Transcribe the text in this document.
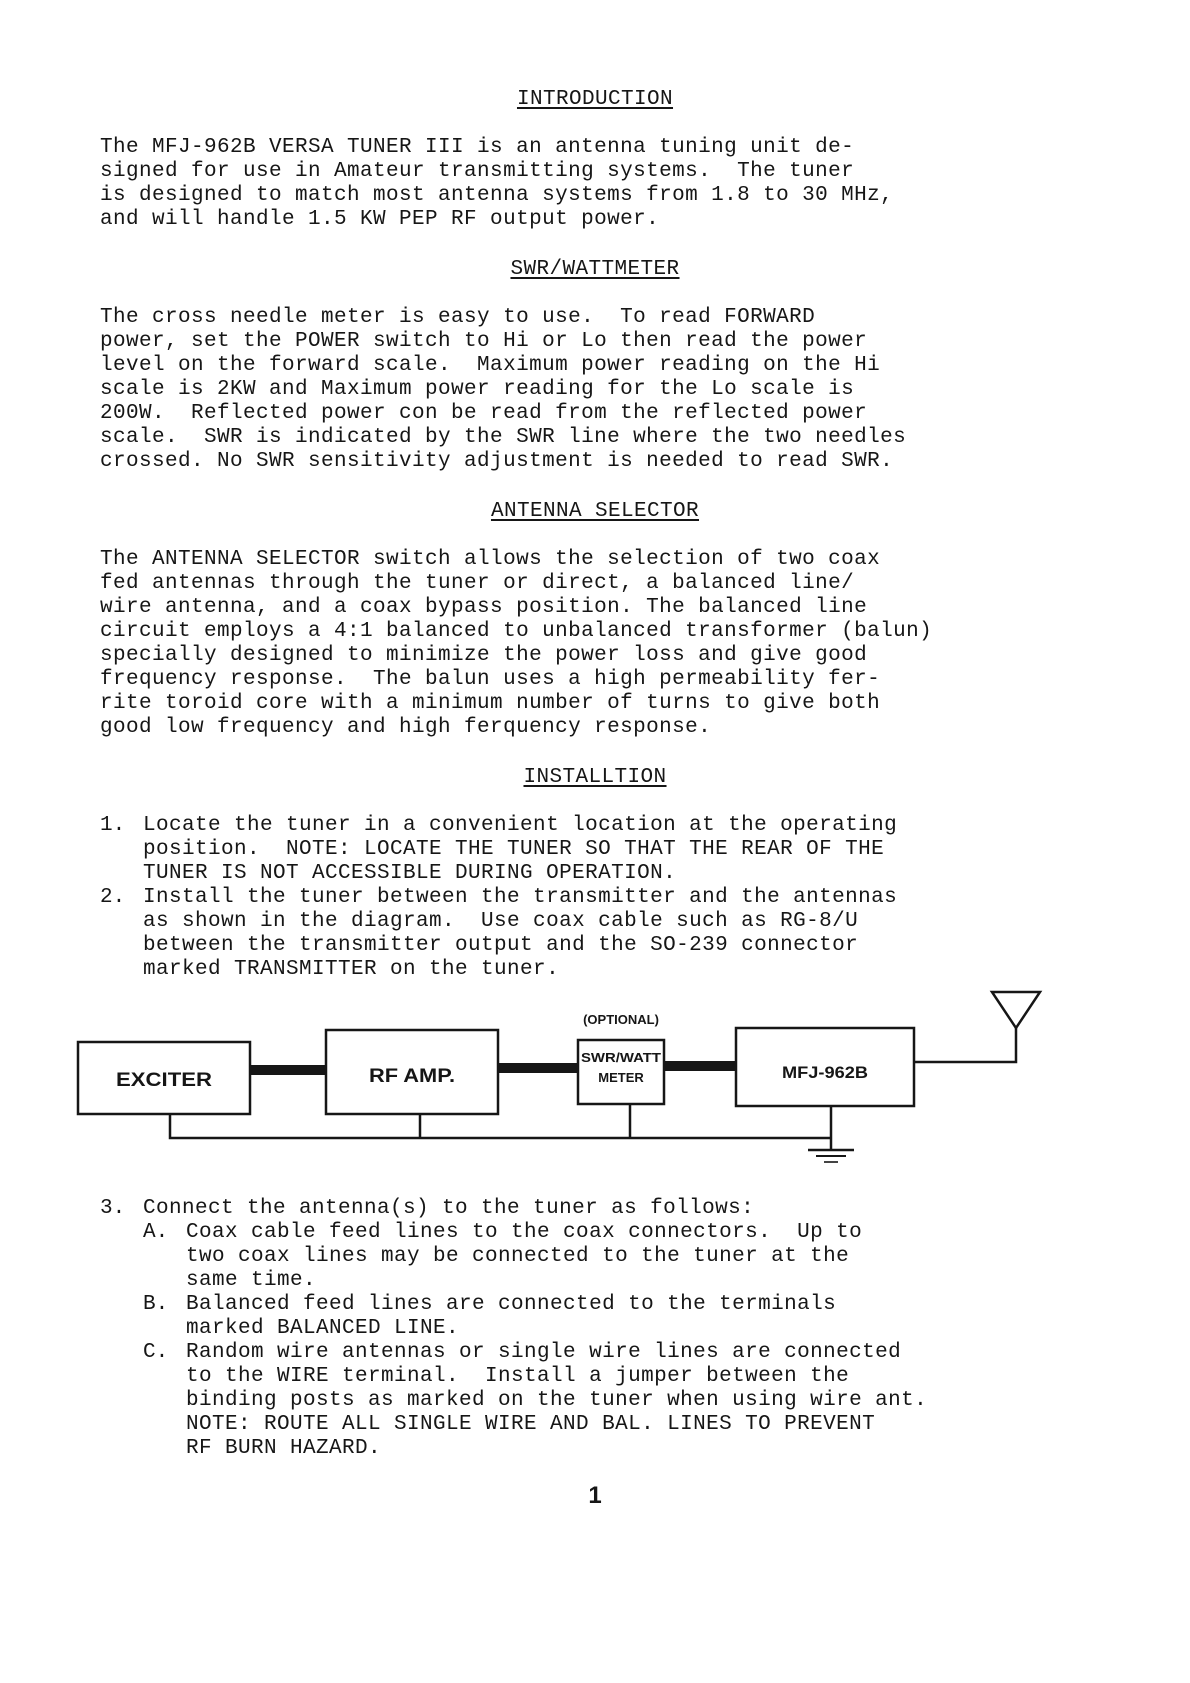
INTRODUCTION

The MFJ-962B VERSA TUNER III is an antenna tuning unit de-
signed for use in Amateur transmitting systems.  The tuner
is designed to match most antenna systems from 1.8 to 30 MHz,
and will handle 1.5 KW PEP RF output power.

SWR/WATTMETER

The cross needle meter is easy to use.  To read FORWARD
power, set the POWER switch to Hi or Lo then read the power
level on the forward scale.  Maximum power reading on the Hi
scale is 2KW and Maximum power reading for the Lo scale is
200W.  Reflected power con be read from the reflected power
scale.  SWR is indicated by the SWR line where the two needles
crossed. No SWR sensitivity adjustment is needed to read SWR.

ANTENNA SELECTOR

The ANTENNA SELECTOR switch allows the selection of two coax
fed antennas through the tuner or direct, a balanced line/
wire antenna, and a coax bypass position. The balanced line
circuit employs a 4:1 balanced to unbalanced transformer (balun)
specially designed to minimize the power loss and give good
frequency response.  The balun uses a high permeability fer-
rite toroid core with a minimum number of turns to give both
good low frequency and high ferquency response.

INSTALLTION

1. Locate the tuner in a convenient location at the operating
position.  NOTE: LOCATE THE TUNER SO THAT THE REAR OF THE
TUNER IS NOT ACCESSIBLE DURING OPERATION.

2. Install the tuner between the transmitter and the antennas
as shown in the diagram.  Use coax cable such as RG-8/U
between the transmitter output and the SO-239 connector
marked TRANSMITTER on the tuner.

EXCITER	RF AMP.
(OPTIONAL)
SWR/WATT
METER	MFJ-962B

3. Connect the antenna(s) to the tuner as follows:

A. Coax cable feed lines to the coax connectors.  Up to
two coax lines may be connected to the tuner at the
same time.

B. Balanced feed lines are connected to the terminals
marked BALANCED LINE.

C. Random wire antennas or single wire lines are connected
to the WIRE terminal.  Install a jumper between the
binding posts as marked on the tuner when using wire ant.
NOTE: ROUTE ALL SINGLE WIRE AND BAL. LINES TO PREVENT
RF BURN HAZARD.

1
